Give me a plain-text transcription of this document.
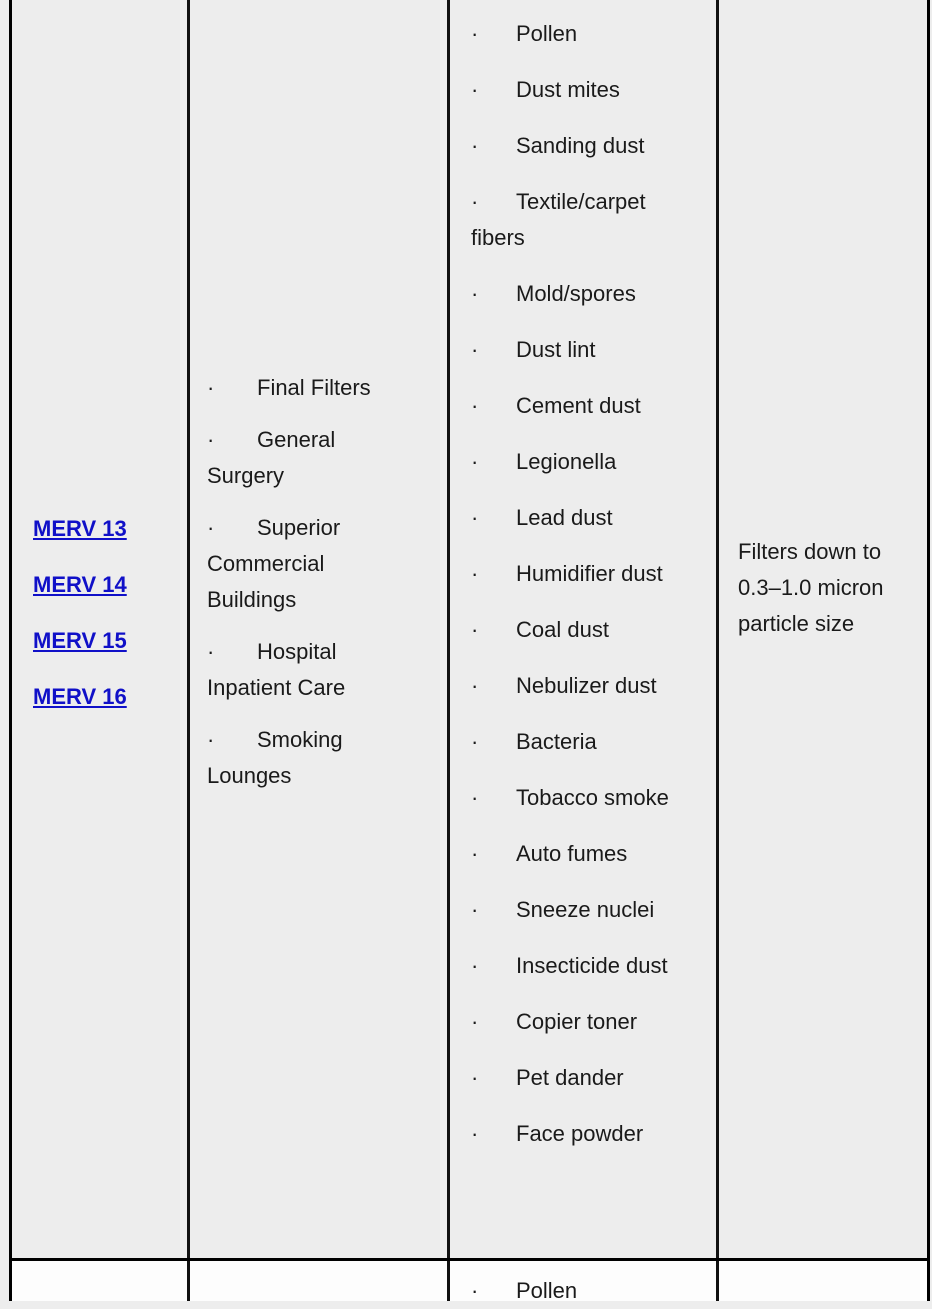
MERV 13
MERV 14
MERV 15
MERV 16
· Final Filters
· General Surgery
· Superior Commercial Buildings
· Hospital Inpatient Care
· Smoking Lounges
· Pollen
· Dust mites
· Sanding dust
· Textile/carpet fibers
· Mold/spores
· Dust lint
· Cement dust
· Legionella
· Lead dust
· Humidifier dust
· Coal dust
· Nebulizer dust
· Bacteria
· Tobacco smoke
· Auto fumes
· Sneeze nuclei
· Insecticide dust
· Copier toner
· Pet dander
· Face powder
Filters down to 0.3–1.0 micron particle size
· Pollen
